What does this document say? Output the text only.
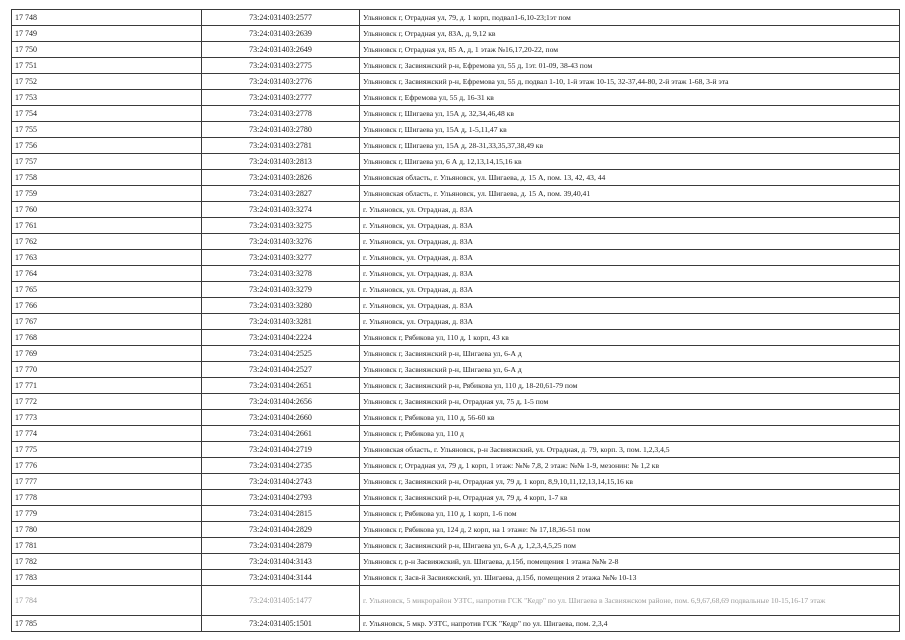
17 748	73:24:031403:2577	Ульяновск г, Отрадная ул, 79, д. 1 корп, подвал1-6,10-23;1эт пом
17 749	73:24:031403:2639	Ульяновск г, Отрадная ул, 83А, д, 9,12 кв
17 750	73:24:031403:2649	Ульяновск г, Отрадная ул, 85 А, д, 1 этаж №16,17,20-22, пом
17 751	73:24:031403:2775	Ульяновск г, Засвияжский р-н, Ефремова ул, 55 д, 1эт. 01-09, 38-43 пом
17 752	73:24:031403:2776	Ульяновск г, Засвияжский р-н, Ефремова ул, 55 д, подвал 1-10, 1-й этаж 10-15, 32-37,44-80, 2-й этаж 1-68, 3-й эта
17 753	73:24:031403:2777	Ульяновск г, Ефремова ул, 55 д, 16-31 кв
17 754	73:24:031403:2778	Ульяновск г, Шигаева ул, 15А д, 32,34,46,48 кв
17 755	73:24:031403:2780	Ульяновск г, Шигаева ул, 15А д, 1-5,11,47 кв
17 756	73:24:031403:2781	Ульяновск г, Шигаева ул, 15А д, 28-31,33,35,37,38,49 кв
17 757	73:24:031403:2813	Ульяновск г, Шигаева ул, 6 А д, 12,13,14,15,16 кв
17 758	73:24:031403:2826	Ульяновская область, г. Ульяновск, ул. Шигаева, д. 15 А, пом. 13, 42, 43, 44
17 759	73:24:031403:2827	Ульяновская область, г. Ульяновск, ул. Шигаева, д. 15 А, пом. 39,40,41
17 760	73:24:031403:3274	г. Ульяновск, ул. Отрадная, д. 83А
17 761	73:24:031403:3275	г. Ульяновск, ул. Отрадная, д. 83А
17 762	73:24:031403:3276	г. Ульяновск, ул. Отрадная, д. 83А
17 763	73:24:031403:3277	г. Ульяновск, ул. Отрадная, д. 83А
17 764	73:24:031403:3278	г. Ульяновск, ул. Отрадная, д. 83А
17 765	73:24:031403:3279	г. Ульяновск, ул. Отрадная, д. 83А
17 766	73:24:031403:3280	г. Ульяновск, ул. Отрадная, д. 83А
17 767	73:24:031403:3281	г. Ульяновск, ул. Отрадная, д. 83А
17 768	73:24:031404:2224	Ульяновск г, Рябикова ул, 110 д, 1 корп, 43 кв
17 769	73:24:031404:2525	Ульяновск г, Засвияжский р-н, Шигаева ул, 6-А д
17 770	73:24:031404:2527	Ульяновск г, Засвияжский р-н, Шигаева ул, 6-А д
17 771	73:24:031404:2651	Ульяновск г, Засвияжский р-н, Рябикова ул, 110 д, 18-20,61-79 пом
17 772	73:24:031404:2656	Ульяновск г, Засвияжский р-н, Отрадная ул, 75 д, 1-5 пом
17 773	73:24:031404:2660	Ульяновск г, Рябикова ул, 110 д, 56-60 кв
17 774	73:24:031404:2661	Ульяновск г, Рябикова ул, 110 д
17 775	73:24:031404:2719	Ульяновская область, г. Ульяновск, р-н Засвияжский, ул. Отрадная, д. 79, корп. 3, пом. 1,2,3,4,5
17 776	73:24:031404:2735	Ульяновск г, Отрадная ул, 79 д, 1 корп, 1 этаж: №№ 7,8, 2 этаж: №№ 1-9, мезонин: № 1,2 кв
17 777	73:24:031404:2743	Ульяновск г, Засвияжский р-н, Отрадная ул, 79 д, 1 корп, 8,9,10,11,12,13,14,15,16 кв
17 778	73:24:031404:2793	Ульяновск г, Засвияжский р-н, Отрадная ул, 79 д, 4 корп, 1-7 кв
17 779	73:24:031404:2815	Ульяновск г, Рябикова ул, 110 д, 1 корп, 1-6 пом
17 780	73:24:031404:2829	Ульяновск г, Рябикова ул, 124 д, 2 корп, на 1 этаже: № 17,18,36-51 пом
17 781	73:24:031404:2879	Ульяновск г, Засвияжский р-н, Шигаева ул, 6-А д, 1,2,3,4,5,25 пом
17 782	73:24:031404:3143	Ульяновск г, р-н Засвияжский, ул. Шигаева, д.15б, помещения 1 этажа №№ 2-8
17 783	73:24:031404:3144	Ульяновск г, Засв-й Засвияжский, ул. Шигаева, д.15б, помещения 2 этажа №№ 10-13
17 784	73:24:031405:1477	г. Ульяновск, 5 микрорайон УЗТС, напротив ГСК "Кедр" по ул. Шигаева в Засвияжском районе, пом. 6,9,67,68,69 подвальные 10-15,16-17 этаж
17 785	73:24:031405:1501	г. Ульяновск, 5 мкр. УЗТС, напротив ГСК "Кедр" по ул. Шигаева, пом. 2,3,4
